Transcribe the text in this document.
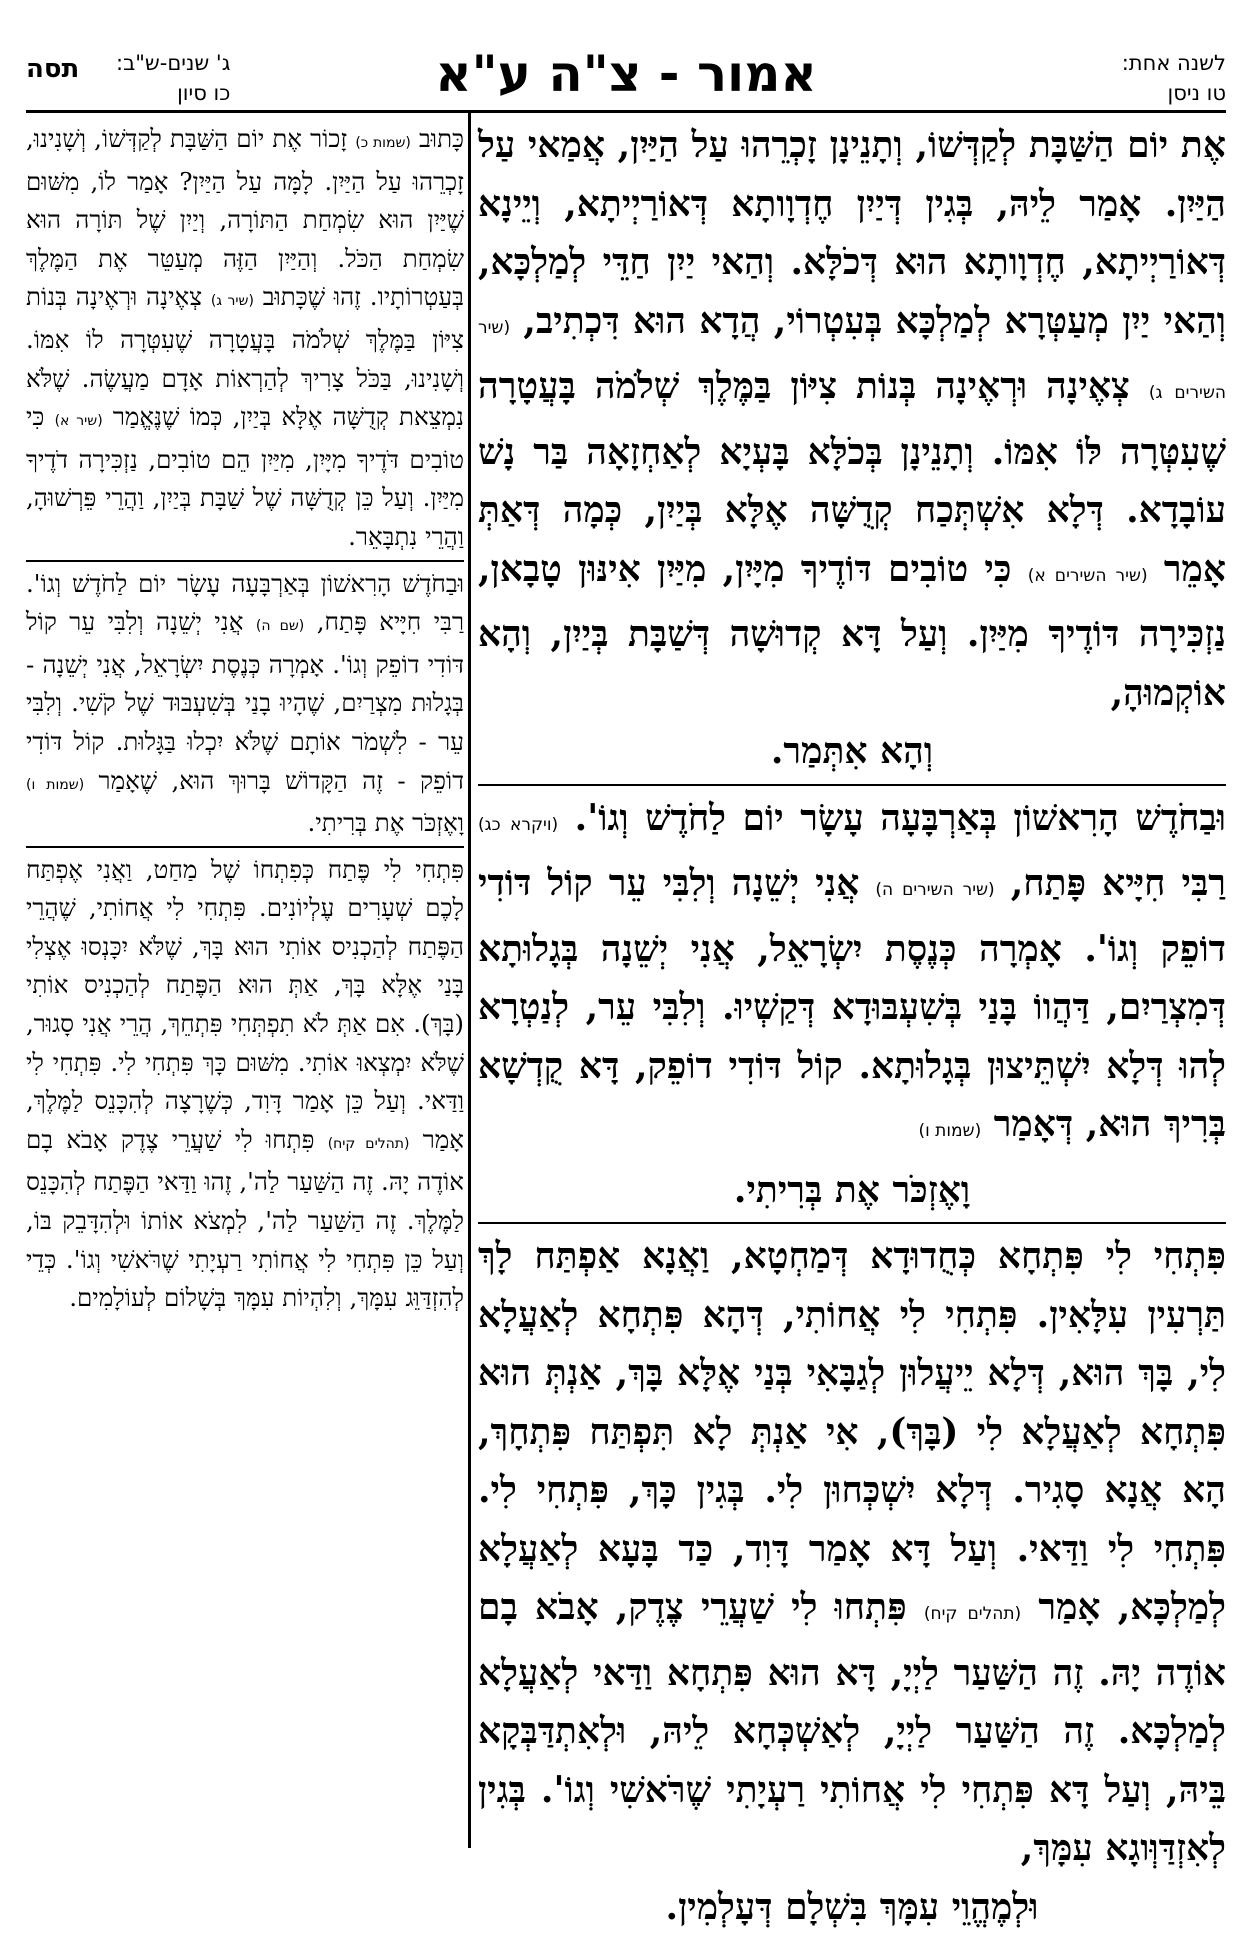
לשנה אחת:
טו ניסן
אמור - צ"ה ע"א
ג' שנים-ש"ב:
כו סיון
תסה

אֶת יוֹם הַשַּׁבָּת לְקַדְּשׁוֹ, וְתָנֵינָן זָכְרֵהוּ עַל הַיַּיִן, אֲמַאי עַל הַיַּיִן. אָמַר לֵיהּ, בְּגִין דְּיַיִן חֶדְוָותָא דְּאוֹרַיְיתָא, וְיֵינָא דְּאוֹרַיְיתָא, חֶדְוָותָא הוּא דְּכֹלָּא. וְהַאי יַיִן חַדֵּי לְמַלְכָּא, וְהַאי יַיִן מְעַטְּרָא לְמַלְכָּא בְּעִטְרוֹי, הֲדָא הוּא דִּכְתִיב, (שיר השירים ג) צְאֶינָה וּרְאֶינָה בְּנוֹת צִיּוֹן בַּמֶּלֶךְ שְׁלֹמֹה בָּעֲטָרָה שֶׁעִטְּרָה לּוֹ אִמּוֹ. וְתָנֵינָן בְּכֹלָּא בָּעְיָא לְאַחְזָאָה בַּר נָשׁ עוֹבָדָא. דְּלָא אִשְׁתְּכַח קְדֻשָּׁה אֶלָּא בְּיַיִן, כְּמָה דְּאַתְּ אָמֵר (שיר השירים א) כִּי טוֹבִים דּוֹדֶיךָ מִיָּיִן, מִיַּיִן אִינּוּן טָבָאן, נַזְכִּירָה דּוֹדֶיךָ מִיַּיִן. וְעַל דָּא קְדוּשָׁה דְּשַׁבָּת בְּיַיִן, וְהָא אוֹקְמוּהָ,

וְהָא אִתְּמַר.

וּבַחֹדֶשׁ הָרִאשׁוֹן בְּאַרְבָּעָה עָשָׂר יוֹם לַחֹדֶשׁ וְגוֹ'. (ויקרא כג) רַבִּי חִיָּיא פָּתַח, (שיר השירים ה) אֲנִי יְשֵׁנָה וְלִבִּי עֵר קוֹל דּוֹדִי דוֹפֵק וְגוֹ'. אָמְרָה כְּנֶסֶת יִשְׂרָאֵל, אֲנִי יְשֵׁנָה בְּגָלוּתָא דְּמִצְרַיִם, דַּהֲווֹ בָּנַי בְּשִׁעְבּוּדָא דְּקַשְׁיוּ. וְלִבִּי עֵר, לְנַטְרָא לְהוּ דְּלָא יִשְׁתֵּיצוּן בְּגָלוּתָא. קוֹל דּוֹדִי דוֹפֵק, דָּא קֻדְשָׁא בְּרִיךְ הוּא, דְּאָמַר (שמות ו)

וָאֶזְכֹּר אֶת בְּרִיתִי.

פִּתְחִי לִי פִּתְחָא כְּחֻדוּדָא דְּמַחְטָא, וַאֲנָא אַפְתַּח לָךְ תַּרְעִין עִלָּאִין. פִּתְחִי לִי אֲחוֹתִי, דְּהָא פִּתְחָא לְאַעֲלָא לִי, בָּךְ הוּא, דְּלָא יֵיעֲלוּן לְגַבָּאִי בְּנַי אֶלָּא בָּךְ, אַנְתְּ הוּא פִּתְחָא לְאַעֲלָא לִי (בָּךְ), אִי אַנְתְּ לָא תִּפְתַּח פִּתְחָךְ, הָא אֲנָא סָגִיר. דְּלָא יִשְׁכְּחוּן לִי. בְּגִין כָּךְ, פִּתְחִי לִי. פִּתְחִי לִי וַדַּאי. וְעַל דָּא אָמַר דָּוִד, כַּד בָּעָא לְאַעֲלָא לְמַלְכָּא, אָמַר (תהלים קיח) פִּתְחוּ לִי שַׁעֲרֵי צֶדֶק, אָבֹא בָם אוֹדֶה יָהּ. זֶה הַשַּׁעַר לַיְיָ, דָּא הוּא פִּתְחָא וַדַּאי לְאַעֲלָא לְמַלְכָּא. זֶה הַשַּׁעַר לַיְיָ, לְאַשְׁכְּחָא לֵיהּ, וּלְאִתְדַּבְּקָא בֵּיהּ, וְעַל דָּא פִּתְחִי לִי אֲחוֹתִי רַעְיָתִי שֶׁרֹּאשִׁי וְגוֹ'. בְּגִין לְאִזְדַּוְּוגָא עִמָּךְ,

וּלְמֶהֱוֵי עִמָּךְ בִּשְׁלָם דְּעָלְמִין.

כָּתוּב (שמות כ) זָכוֹר אֶת יוֹם הַשַּׁבָּת לְקַדְּשׁוֹ, וְשָׁנִינוּ, זָכְרֵהוּ עַל הַיַּיִן. לָמָּה עַל הַיַּיִן? אָמַר לוֹ, מִשּׁוּם שֶׁיַּיִן הוּא שִׂמְחַת הַתּוֹרָה, וְיַיִן שֶׁל תּוֹרָה הוּא שִׂמְחַת הַכֹּל. וְהַיַּיִן הַזֶּה מְעַטֵּר אֶת הַמֶּלֶךְ בְּעַטְרוֹתָיו. זֶהוּ שֶׁכָּתוּב (שיר ג) צְאֶינָה וּרְאֶינָה בְּנוֹת צִיּוֹן בַּמֶּלֶךְ שְׁלֹמֹה בָּעֲטָרָה שֶׁעִטְּרָה לוֹ אִמּוֹ. וְשָׁנִינוּ, בַּכֹּל צָרִיךְ לְהַרְאוֹת אָדָם מַעֲשֶׂה. שֶׁלֹּא נִמְצֵאת קְדֻשָּׁה אֶלָּא בְּיַיִן, כְּמוֹ שֶׁנֶּאֱמַר (שיר א) כִּי טוֹבִים דֹּדֶיךָ מִיָּיִן, מִיַּיִן הֵם טוֹבִים, נַזְכִּירָה דֹדֶיךָ מִיַּיִן. וְעַל כֵּן קְדֻשָּׁה שֶׁל שַׁבָּת בְּיַיִן, וַהֲרֵי פֵּרְשׁוּהָ, וַהֲרֵי נִתְבָּאֵר.

וּבַחֹדֶשׁ הָרִאשׁוֹן בְּאַרְבָּעָה עָשָׂר יוֹם לַחֹדֶשׁ וְגוֹ'. רַבִּי חִיָּיא פָּתַח, (שם ה) אֲנִי יְשֵׁנָה וְלִבִּי עֵר קוֹל דּוֹדִי דוֹפֵק וְגוֹ'. אָמְרָה כְּנֶסֶת יִשְׂרָאֵל, אֲנִי יְשֵׁנָה - בְּגָלוּת מִצְרַיִם, שֶׁהָיוּ בָנַי בְּשִׁעְבּוּד שֶׁל קֹשִׁי. וְלִבִּי עֵר - לִשְׁמֹר אוֹתָם שֶׁלֹּא יִכְלוּ בַּגָּלוּת. קוֹל דּוֹדִי דוֹפֵק - זֶה הַקָּדוֹשׁ בָּרוּךְ הוּא, שֶׁאָמַר (שמות ו) וָאֶזְכֹּר אֶת בְּרִיתִי.

פִּתְחִי לִי פֶּתַח כְּפִתְחוֹ שֶׁל מַחַט, וַאֲנִי אֶפְתַּח לָכֶם שְׁעָרִים עֶלְיוֹנִים. פִּתְחִי לִי אֲחוֹתִי, שֶׁהֲרֵי הַפֶּתַח לְהַכְנִיס אוֹתִי הוּא בָּךְ, שֶׁלֹּא יִכָּנְסוּ אֶצְלִי בָּנַי אֶלָּא בָּךְ, אַתְּ הוּא הַפֶּתַח לְהַכְנִיס אוֹתִי (בָּךְ). אִם אַתְּ לֹא תִפְתְּחִי פִּתְחֵךְ, הֲרֵי אֲנִי סָגוּר, שֶׁלֹּא יִמְצְאוּ אוֹתִי. מִשּׁוּם כָּךְ פִּתְחִי לִי. פִּתְחִי לִי וַדַּאי. וְעַל כֵּן אָמַר דָּוִד, כְּשֶׁרָצָה לְהִכָּנֵס לַמֶּלֶךְ, אָמַר (תהלים קיח) פִּתְחוּ לִי שַׁעֲרֵי צֶדֶק אָבֹא בָם אוֹדֶה יָהּ. זֶה הַשַּׁעַר לַה', זֶהוּ וַדַּאי הַפֶּתַח לְהִכָּנֵס לַמֶּלֶךְ. זֶה הַשַּׁעַר לַה', לִמְצֹא אוֹתוֹ וּלְהִדָּבֵק בּוֹ, וְעַל כֵּן פִּתְחִי לִי אֲחוֹתִי רַעְיָתִי שֶׁרֹּאשִׁי וְגוֹ'. כְּדֵי לְהִזְדַּוֵּג עִמָּךְ, וְלִהְיוֹת עִמָּךְ בְּשָׁלוֹם לְעוֹלָמִים.
